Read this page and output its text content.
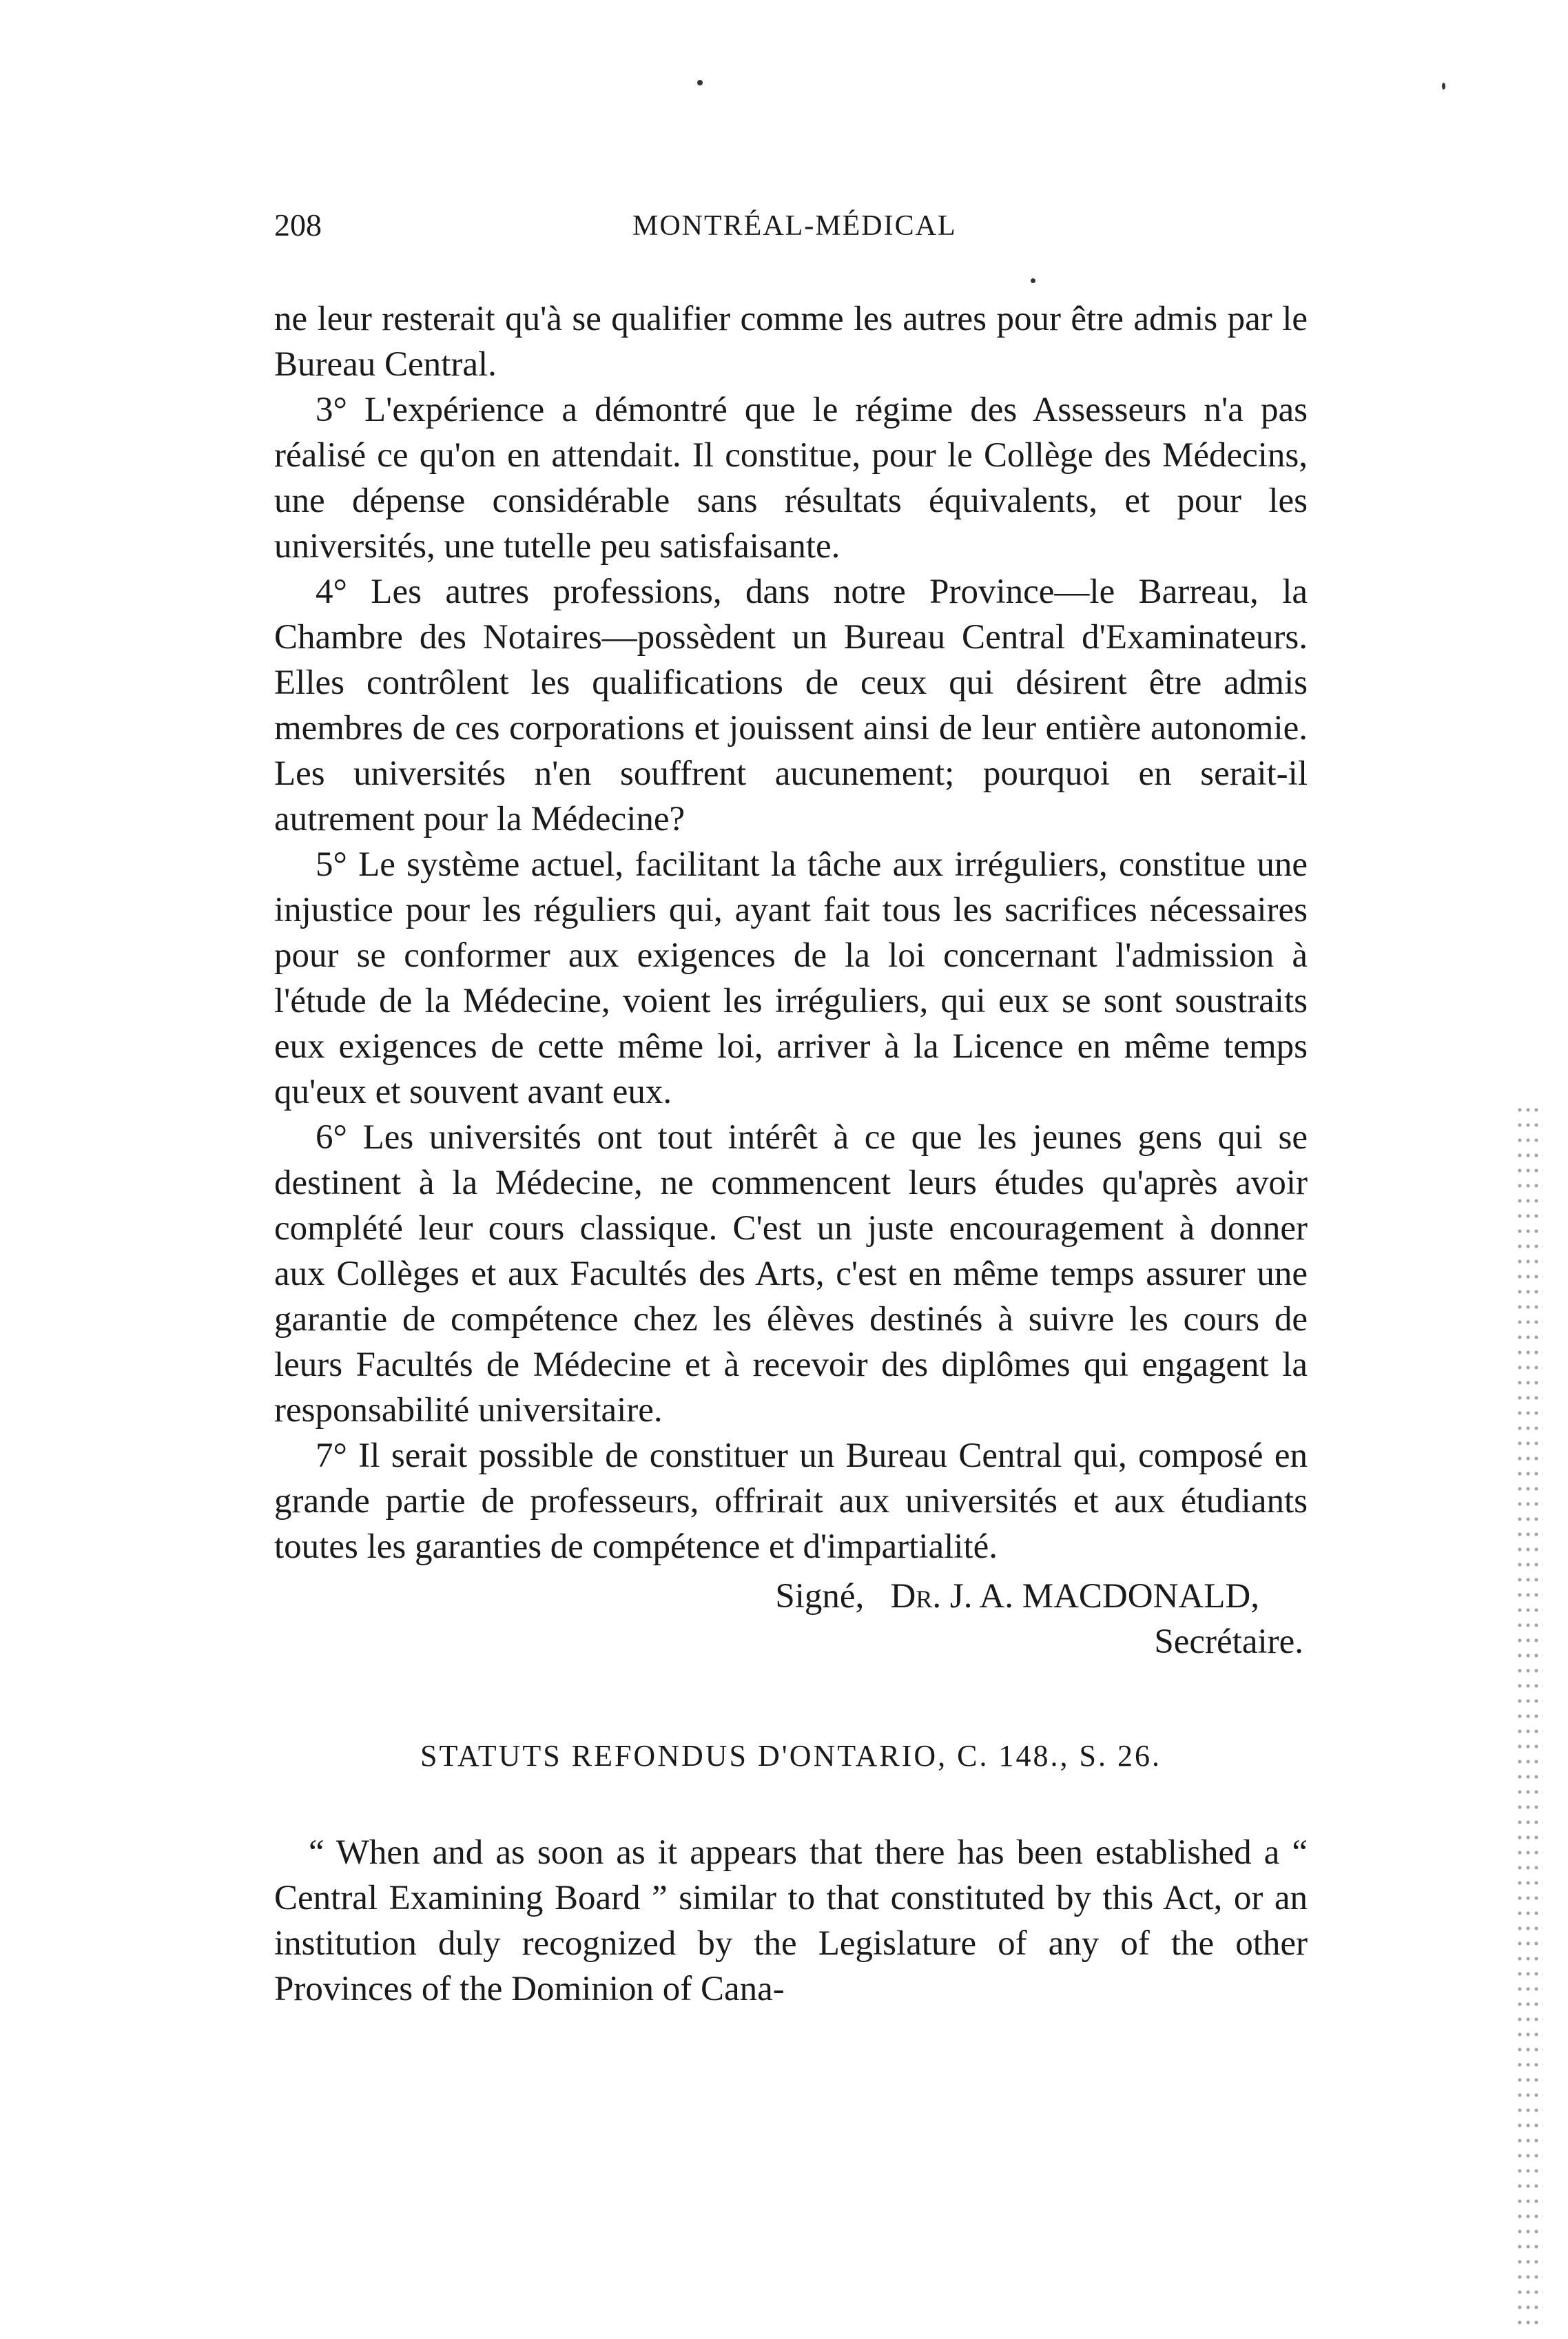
208	MONTRÉAL-MÉDICAL

ne leur resterait qu'à se qualifier comme les autres pour être admis par le Bureau Central.

3° L'expérience a démontré que le régime des Assesseurs n'a pas réalisé ce qu'on en attendait. Il constitue, pour le Collège des Médecins, une dépense considérable sans résultats équivalents, et pour les universités, une tutelle peu satisfaisante.

4° Les autres professions, dans notre Province—le Barreau, la Chambre des Notaires—possèdent un Bureau Central d'Examinateurs. Elles contrôlent les qualifications de ceux qui désirent être admis membres de ces corporations et jouissent ainsi de leur entière autonomie. Les universités n'en souffrent aucunement; pourquoi en serait-il autrement pour la Médecine?

5° Le système actuel, facilitant la tâche aux irréguliers, constitue une injustice pour les réguliers qui, ayant fait tous les sacrifices nécessaires pour se conformer aux exigences de la loi concernant l'admission à l'étude de la Médecine, voient les irréguliers, qui eux se sont soustraits eux exigences de cette même loi, arriver à la Licence en même temps qu'eux et souvent avant eux.

6° Les universités ont tout intérêt à ce que les jeunes gens qui se destinent à la Médecine, ne commencent leurs études qu'après avoir complété leur cours classique. C'est un juste encouragement à donner aux Collèges et aux Facultés des Arts, c'est en même temps assurer une garantie de compétence chez les élèves destinés à suivre les cours de leurs Facultés de Médecine et à recevoir des diplômes qui engagent la responsabilité universitaire.

7° Il serait possible de constituer un Bureau Central qui, composé en grande partie de professeurs, offrirait aux universités et aux étudiants toutes les garanties de compétence et d'impartialité.

Signé, Dr. J. A. MACDONALD,

Secrétaire.

STATUTS REFONDUS D'ONTARIO, C. 148., S. 26.

“ When and as soon as it appears that there has been established a “ Central Examining Board ” similar to that constituted by this Act, or an institution duly recognized by the Legislature of any of the other Provinces of the Dominion of Cana-
